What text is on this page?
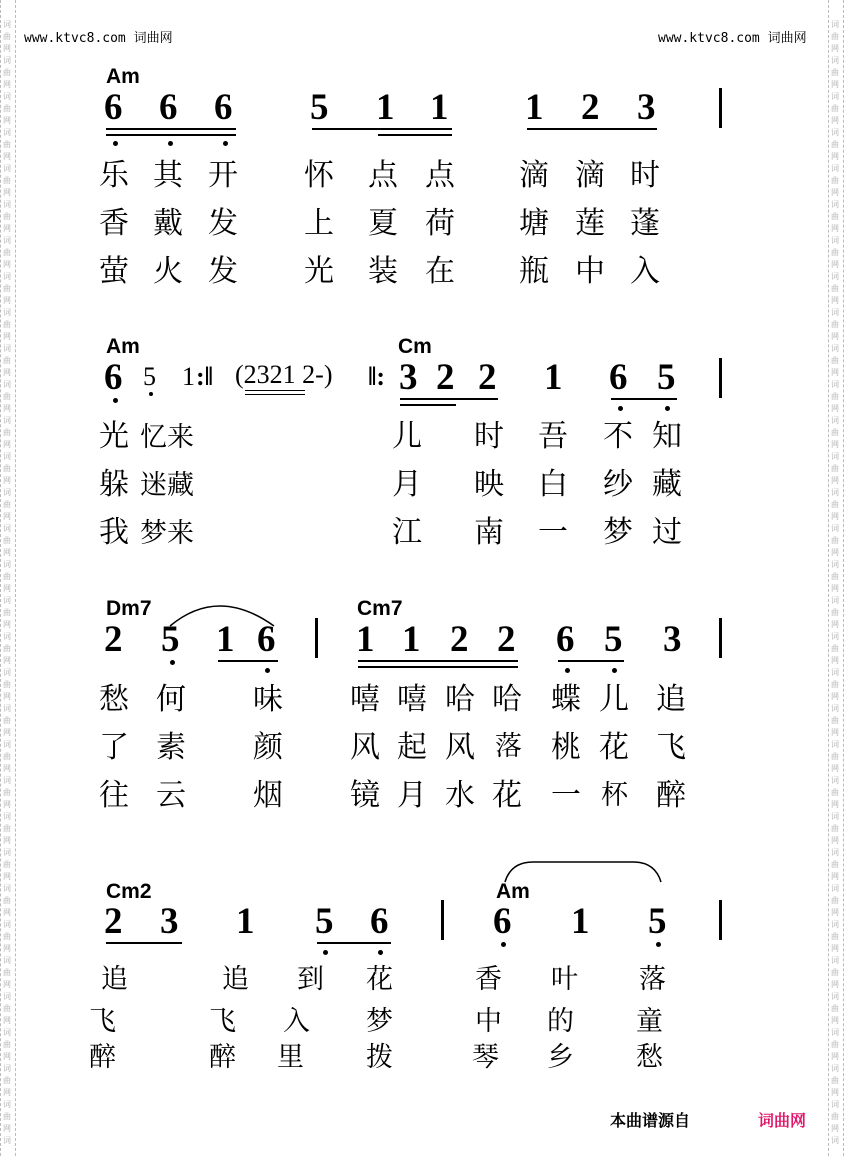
词
曲
网
词
曲
网
词
曲
网
词
曲
网
词
曲
网
词
曲
网
词
曲
网
词
曲
网
词
曲
网
词
曲
网
词
曲
网
词
曲
网
词
曲
网
词
曲
网
词
曲
网
词
曲
网
词
曲
网
词
曲
网
词
曲
网
词
曲
网
词
曲
网
词
曲
网
词
曲
网
词
曲
网
词
曲
网
词
曲
网
词
曲
网
词
曲
网
词
曲
网
词
曲
网
词
曲
网
词
词
曲
网
词
曲
网
词
曲
网
词
曲
网
词
曲
网
词
曲
网
词
曲
网
词
曲
网
词
曲
网
词
曲
网
词
曲
网
词
曲
网
词
曲
网
词
曲
网
词
曲
网
词
曲
网
词
曲
网
词
曲
网
词
曲
网
词
曲
网
词
曲
网
词
曲
网
词
曲
网
词
曲
网
词
曲
网
词
曲
网
词
曲
网
词
曲
网
词
曲
网
词
曲
网
词
曲
网
词
www.ktvc8.com 词曲网	www.ktvc8.com 词曲网
Am
6 6 6 5 1 1 1 2 3
乐 其 开 怀 点 点 滴 滴 时
香 戴 发 上 夏 荷 塘 莲 蓬
萤 火 发 光 装 在 瓶 中 入
Am	Cm
6 5 1 :‖ (2321 2-) ‖: 3 2 2 1 6 5
光 忆来	儿 时 吾 不 知
躲 迷藏	月 映 白 纱 藏
我 梦来	江 南 一 梦 过
Dm7	Cm7
2 5 1 6 1 1 2 2 6 5 3
愁 何 味 嘻 嘻 哈 哈 蝶 儿 追
了 素 颜 风 起 风 落 桃 花 飞
往 云 烟 镜 月 水 花 一 杯 醉
Cm2	Am
2 3 1 5 6	6 1 5
追	追 到 花	香 叶 落
飞	飞 入 梦	中 的 童
醉	醉 里 拨	琴 乡 愁
本曲谱源自	词曲网
